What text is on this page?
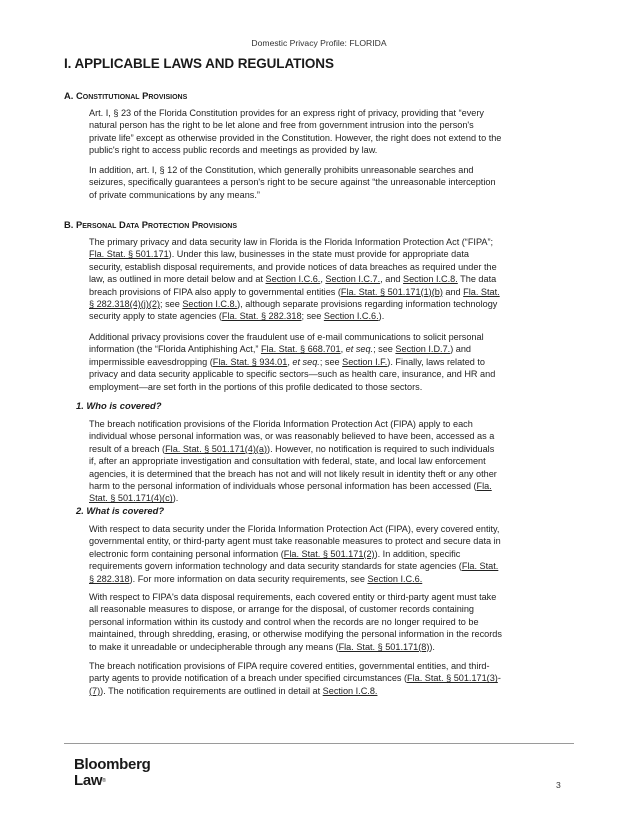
Domestic Privacy Profile: FLORIDA
I. APPLICABLE LAWS AND REGULATIONS
A. Constitutional Provisions
Art. I, § 23 of the Florida Constitution provides for an express right of privacy, providing that “every
natural person has the right to be let alone and free from government intrusion into the person's
private life” except as otherwise provided in the Constitution. However, the right does not extend to the
public's right to access public records and meetings as provided by law.
In addition, art. I, § 12 of the Constitution, which generally prohibits unreasonable searches and
seizures, specifically guarantees a person's right to be secure against “the unreasonable interception
of private communications by any means.”
B. Personal Data Protection Provisions
The primary privacy and data security law in Florida is the Florida Information Protection Act (“FIPA”;
Fla. Stat. § 501.171). Under this law, businesses in the state must provide for appropriate data
security, establish disposal requirements, and provide notices of data breaches as required under the
law, as outlined in more detail below and at Section I.C.6., Section I.C.7., and Section I.C.8. The data
breach provisions of FIPA also apply to governmental entities (Fla. Stat. § 501.171(1)(b) and Fla. Stat.
§ 282.318(4)(j)(2); see Section I.C.8.), although separate provisions regarding information technology
security apply to state agencies (Fla. Stat. § 282.318; see Section I.C.6.).
Additional privacy provisions cover the fraudulent use of e-mail communications to solicit personal
information (the “Florida Antiphishing Act,” Fla. Stat. § 668.701, et seq.; see Section I.D.7.) and
impermissible eavesdropping (Fla. Stat. § 934.01, et seq.; see Section I.F.). Finally, laws related to
privacy and data security applicable to specific sectors—such as health care, insurance, and HR and
employment—are set forth in the portions of this profile dedicated to those sectors.
1. Who is covered?
The breach notification provisions of the Florida Information Protection Act (FIPA) apply to each
individual whose personal information was, or was reasonably believed to have been, accessed as a
result of a breach (Fla. Stat. § 501.171(4)(a)). However, no notification is required to such individuals
if, after an appropriate investigation and consultation with federal, state, and local law enforcement
agencies, it is determined that the breach has not and will not likely result in identity theft or any other
harm to the personal information of individuals whose personal information has been accessed (Fla.
Stat. § 501.171(4)(c)).
2. What is covered?
With respect to data security under the Florida Information Protection Act (FIPA), every covered entity,
governmental entity, or third-party agent must take reasonable measures to protect and secure data in
electronic form containing personal information (Fla. Stat. § 501.171(2)). In addition, specific
requirements govern information technology and data security standards for state agencies (Fla. Stat.
§ 282.318). For more information on data security requirements, see Section I.C.6.
With respect to FIPA's data disposal requirements, each covered entity or third-party agent must take
all reasonable measures to dispose, or arrange for the disposal, of customer records containing
personal information within its custody and control when the records are no longer required to be
maintained, through shredding, erasing, or otherwise modifying the personal information in the records
to make it unreadable or undecipherable through any means (Fla. Stat. § 501.171(8)).
The breach notification provisions of FIPA require covered entities, governmental entities, and third-
party agents to provide notification of a breach under specified circumstances (Fla. Stat. § 501.171(3)-
(7)). The notification requirements are outlined in detail at Section I.C.8.
Bloomberg
Law®	3
